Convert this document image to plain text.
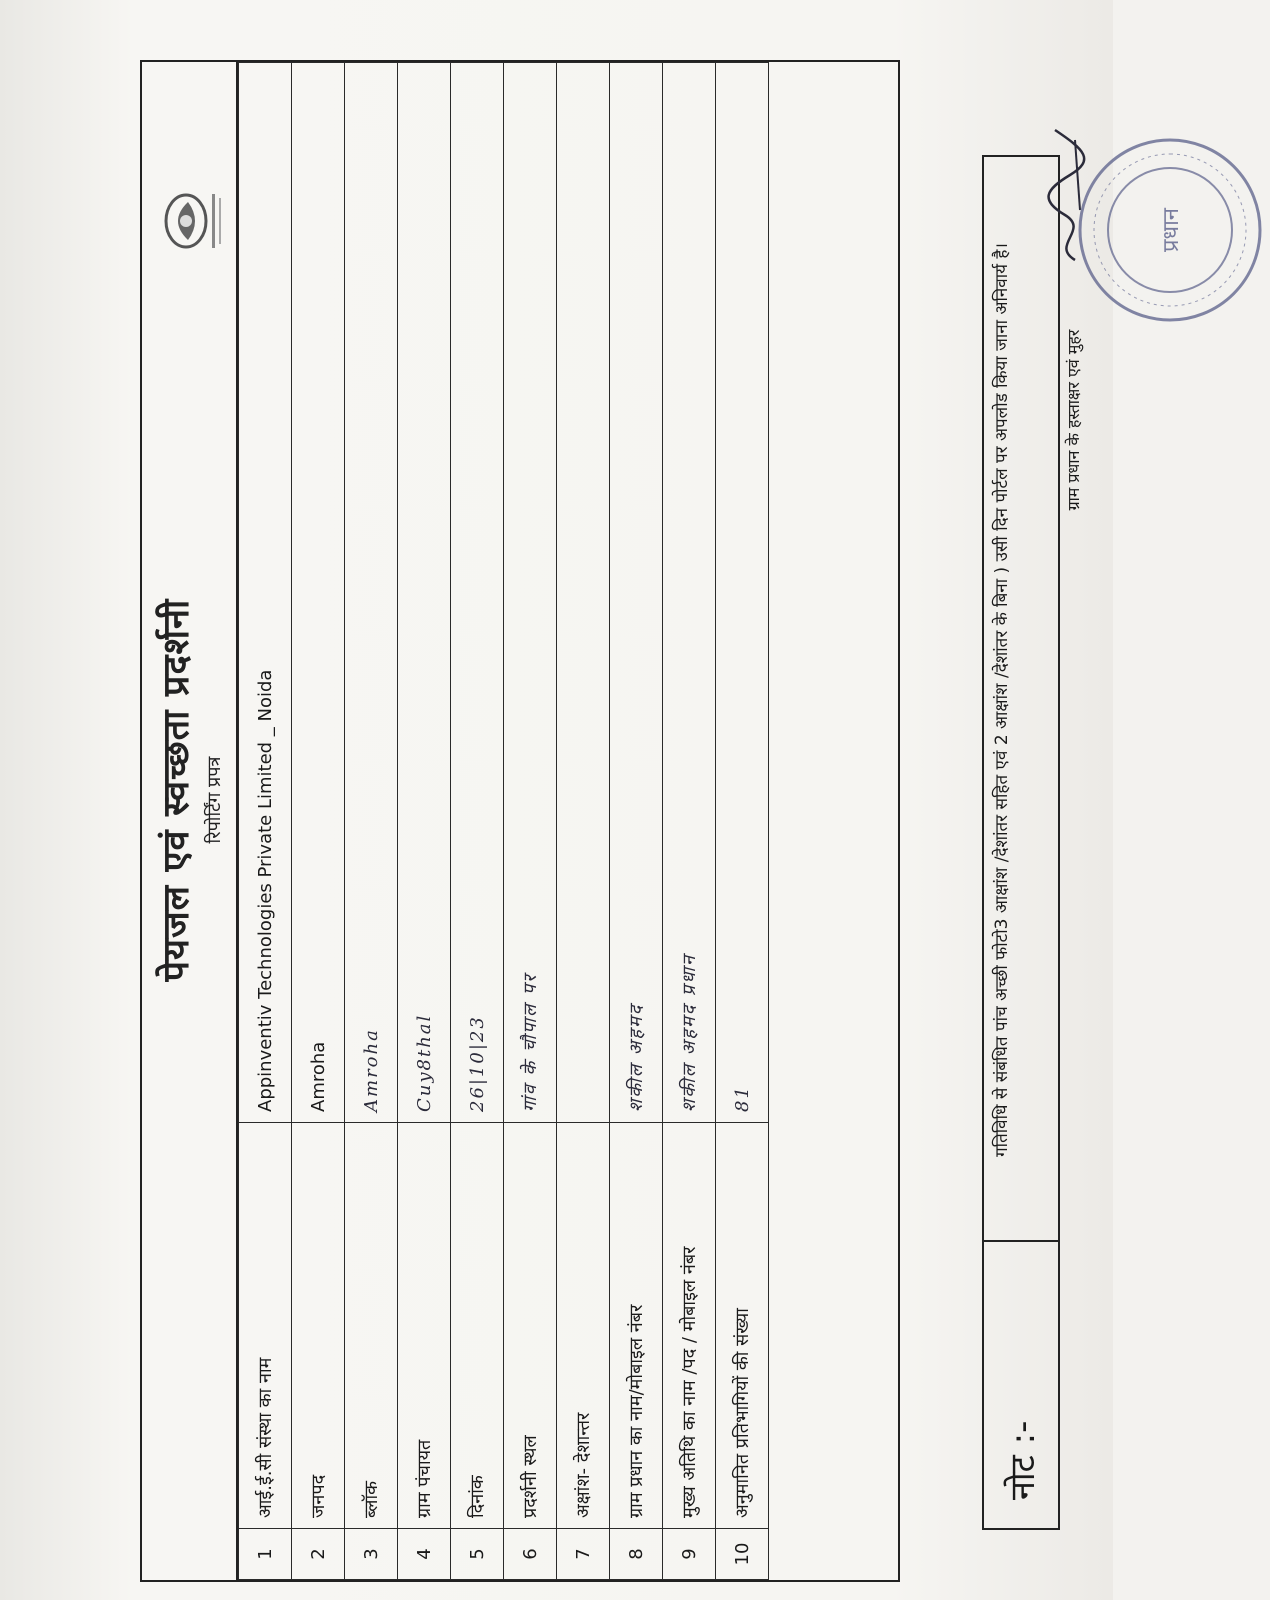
पेयजल एवं स्वच्छता प्रदर्शनी रिपोर्टिंग प्रपत्र
1	आई.ई.सी संस्था का नाम	Appinventiv Technologies Private Limited _ Noida
2	जनपद	Amroha
3	ब्लॉक	Amroha
4	ग्राम पंचायत	Cuy8thal
5	दिनांक	26|10|23
6	प्रदर्शनी स्थल	गांव के चौपाल पर
7	अक्षांश- देशान्तर	
8	ग्राम प्रधान का नाम/मोबाइल नंबर	शकील अहमद
9	मुख्य अतिथि का नाम /पद / मोबाइल नंबर	शकील अहमद प्रधान
10	अनुमानित प्रतिभागियों की संख्या	81
नोट :-
गतिविधि से संबंधित पांच अच्छी फोटो3 आक्षांश /देशांतर सहित एवं 2 आक्षांश /देशांतर के बिना ) उसी दिन पोर्टल पर अपलोड किया जाना अनिवार्य है।	ग्राम प्रधान के हस्ताक्षर एवं मुहर
प्रधान
